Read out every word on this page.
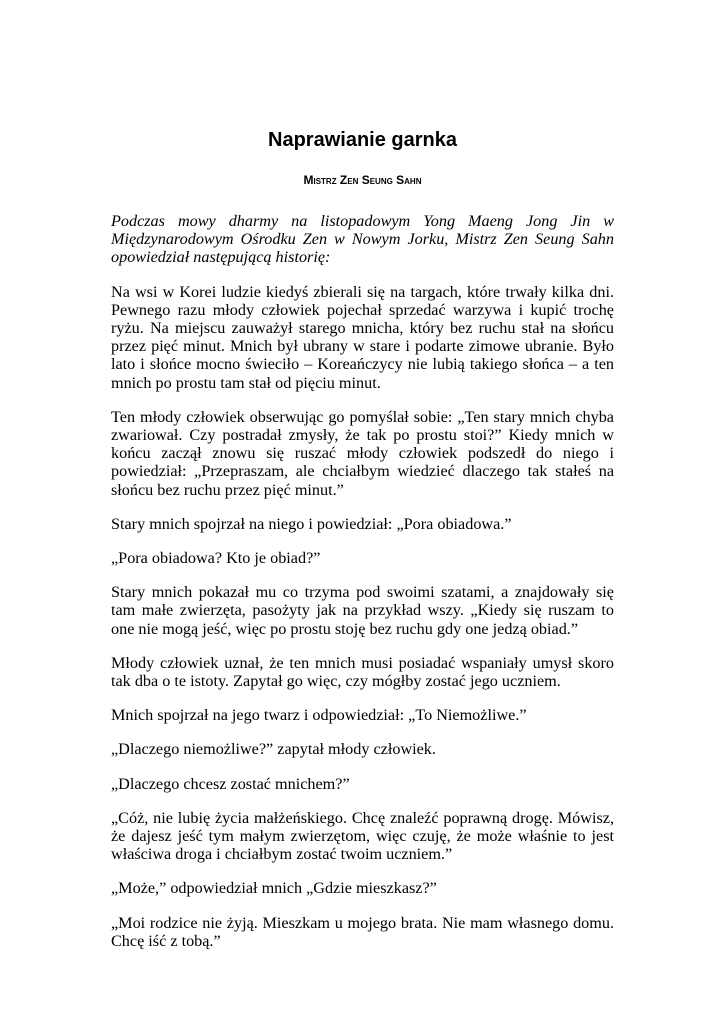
Naprawianie garnka
Mistrz Zen Seung Sahn

Podczas mowy dharmy na listopadowym Yong Maeng Jong Jin w Międzynarodowym Ośrodku Zen w Nowym Jorku, Mistrz Zen Seung Sahn opowiedział następującą historię:

Na wsi w Korei ludzie kiedyś zbierali się na targach, które trwały kilka dni. Pewnego razu młody człowiek pojechał sprzedać warzywa i kupić trochę ryżu. Na miejscu zauważył starego mnicha, który bez ruchu stał na słońcu przez pięć minut. Mnich był ubrany w stare i podarte zimowe ubranie. Było lato i słońce mocno świeciło – Koreańczycy nie lubią takiego słońca – a ten mnich po prostu tam stał od pięciu minut.

Ten młody człowiek obserwując go pomyślał sobie: „Ten stary mnich chyba zwariował. Czy postradał zmysły, że tak po prostu stoi?” Kiedy mnich w końcu zaczął znowu się ruszać młody człowiek podszedł do niego i powiedział: „Przepraszam, ale chciałbym wiedzieć dlaczego tak stałeś na słońcu bez ruchu przez pięć minut.”

Stary mnich spojrzał na niego i powiedział: „Pora obiadowa.”

„Pora obiadowa? Kto je obiad?”

Stary mnich pokazał mu co trzyma pod swoimi szatami, a znajdowały się tam małe zwierzęta, pasożyty jak na przykład wszy. „Kiedy się ruszam to one nie mogą jeść, więc po prostu stoję bez ruchu gdy one jedzą obiad.”

Młody człowiek uznał, że ten mnich musi posiadać wspaniały umysł skoro tak dba o te istoty. Zapytał go więc, czy mógłby zostać jego uczniem.

Mnich spojrzał na jego twarz i odpowiedział: „To Niemożliwe.”

„Dlaczego niemożliwe?” zapytał młody człowiek.

„Dlaczego chcesz zostać mnichem?”

„Cóż, nie lubię życia małżeńskiego. Chcę znaleźć poprawną drogę. Mówisz, że dajesz jeść tym małym zwierzętom, więc czuję, że może właśnie to jest właściwa droga i chciałbym zostać twoim uczniem.”

„Może,” odpowiedział mnich „Gdzie mieszkasz?”

„Moi rodzice nie żyją. Mieszkam u mojego brata. Nie mam własnego domu. Chcę iść z tobą.”
